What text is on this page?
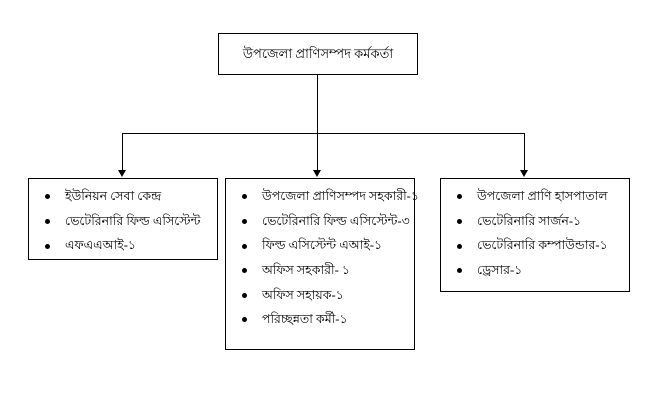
উপজেলা প্রাণিসম্পদ কর্মকর্তা
ইউনিয়ন সেবা কেন্দ্র
ভেটেরিনারি ফিল্ড এসিস্টেন্ট
এফএএআই-১
উপজেলা প্রাণিসম্পদ সহকারী-১
ভেটেরিনারি ফিল্ড এসিস্টেন্ট-৩
ফিল্ড এসিস্টেন্ট এআই-১
অফিস সহকারী- ১
অফিস সহায়ক-১
পরিচ্ছন্নতা কর্মী-১
উপজেলা প্রাণি হাসপাতাল
ভেটেরিনারি সার্জন-১
ভেটেরিনারি কম্পাউন্ডার-১
ড্রেসার-১
